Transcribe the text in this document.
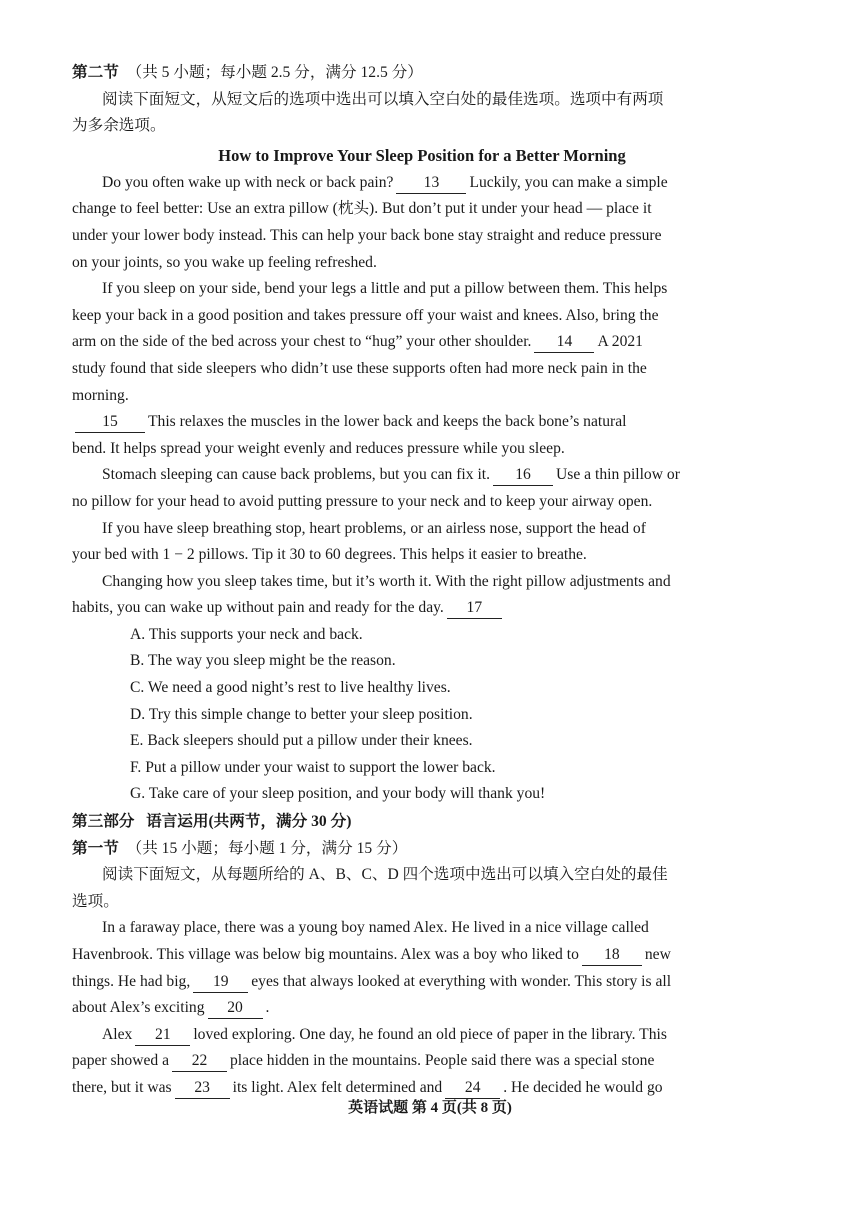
第二节 （共 5 小题；每小题 2.5 分，满分 12.5 分）

阅读下面短文，从短文后的选项中选出可以填入空白处的最佳选项。选项中有两项

为多余选项。

How to Improve Your Sleep Position for a Better Morning

Do you often wake up with neck or back pain? 13 Luckily, you can make a simple

change to feel better: Use an extra pillow (枕头). But don’t put it under your head — place it

under your lower body instead. This can help your back bone stay straight and reduce pressure

on your joints, so you wake up feeling refreshed.

If you sleep on your side, bend your legs a little and put a pillow between them. This helps

keep your back in a good position and takes pressure off your waist and knees. Also, bring the

arm on the side of the bed across your chest to “hug” your other shoulder. 14 A 2021

study found that side sleepers who didn’t use these supports often had more neck pain in the

morning.

15 This relaxes the muscles in the lower back and keeps the back bone’s natural

bend. It helps spread your weight evenly and reduces pressure while you sleep.

Stomach sleeping can cause back problems, but you can fix it. 16 Use a thin pillow or

no pillow for your head to avoid putting pressure to your neck and to keep your airway open.

If you have sleep breathing stop, heart problems, or an airless nose, support the head of

your bed with 1 − 2 pillows. Tip it 30 to 60 degrees. This helps it easier to breathe.

Changing how you sleep takes time, but it’s worth it. With the right pillow adjustments and

habits, you can wake up without pain and ready for the day. 17

A. This supports your neck and back.

B. The way you sleep might be the reason.

C. We need a good night’s rest to live healthy lives.

D. Try this simple change to better your sleep position.

E. Back sleepers should put a pillow under their knees.

F. Put a pillow under your waist to support the lower back.

G. Take care of your sleep position, and your body will thank you!

第三部分 语言运用(共两节，满分 30 分)

第一节 （共 15 小题；每小题 1 分，满分 15 分）

阅读下面短文，从每题所给的 A、B、C、D 四个选项中选出可以填入空白处的最佳

选项。

In a faraway place, there was a young boy named Alex. He lived in a nice village called

Havenbrook. This village was below big mountains. Alex was a boy who liked to 18 new

things. He had big, 19 eyes that always looked at everything with wonder. This story is all

about Alex’s exciting 20 .

Alex 21 loved exploring. One day, he found an old piece of paper in the library. This

paper showed a 22 place hidden in the mountains. People said there was a special stone

there, but it was 23 its light. Alex felt determined and 24 . He decided he would go

英语试题 第 4 页(共 8 页)
